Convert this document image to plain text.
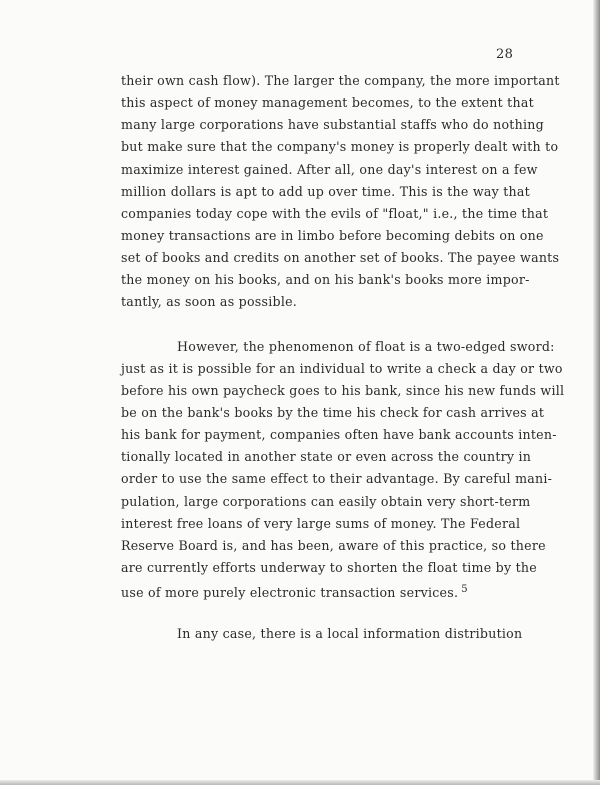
28
their own cash flow). The larger the company, the more important
this aspect of money management becomes, to the extent that
many large corporations have substantial staffs who do nothing
but make sure that the company's money is properly dealt with to
maximize interest gained. After all, one day's interest on a few
million dollars is apt to add up over time. This is the way that
companies today cope with the evils of "float," i.e., the time that
money transactions are in limbo before becoming debits on one
set of books and credits on another set of books. The payee wants
the money on his books, and on his bank's books more impor-
tantly, as soon as possible.
However, the phenomenon of float is a two-edged sword:
just as it is possible for an individual to write a check a day or two
before his own paycheck goes to his bank, since his new funds will
be on the bank's books by the time his check for cash arrives at
his bank for payment, companies often have bank accounts inten-
tionally located in another state or even across the country in
order to use the same effect to their advantage. By careful mani-
pulation, large corporations can easily obtain very short-term
interest free loans of very large sums of money. The Federal
Reserve Board is, and has been, aware of this practice, so there
are currently efforts underway to shorten the float time by the
use of more purely electronic transaction services. $^5$
In any case, there is a local information distribution
